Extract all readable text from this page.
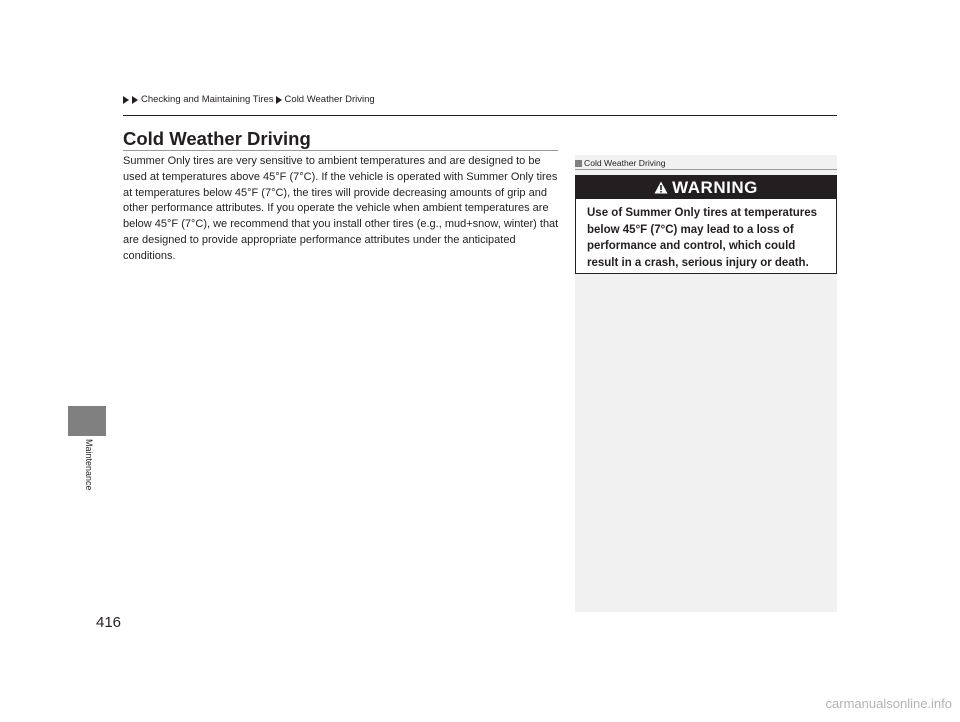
Checking and Maintaining Tires Cold Weather Driving
Maintenance
416
Cold Weather Driving
Summer Only tires are very sensitive to ambient temperatures and are designed to be used at temperatures above 45°F (7°C). If the vehicle is operated with Summer Only tires at temperatures below 45°F (7°C), the tires will provide decreasing amounts of grip and other performance attributes. If you operate the vehicle when ambient temperatures are below 45°F (7°C), we recommend that you install other tires (e.g., mud+snow, winter) that are designed to provide appropriate performance attributes under the anticipated conditions.
Cold Weather Driving
WARNING
Use of Summer Only tires at temperatures below 45°F (7°C) may lead to a loss of performance and control, which could result in a crash, serious injury or death.
carmanualsonline.info
